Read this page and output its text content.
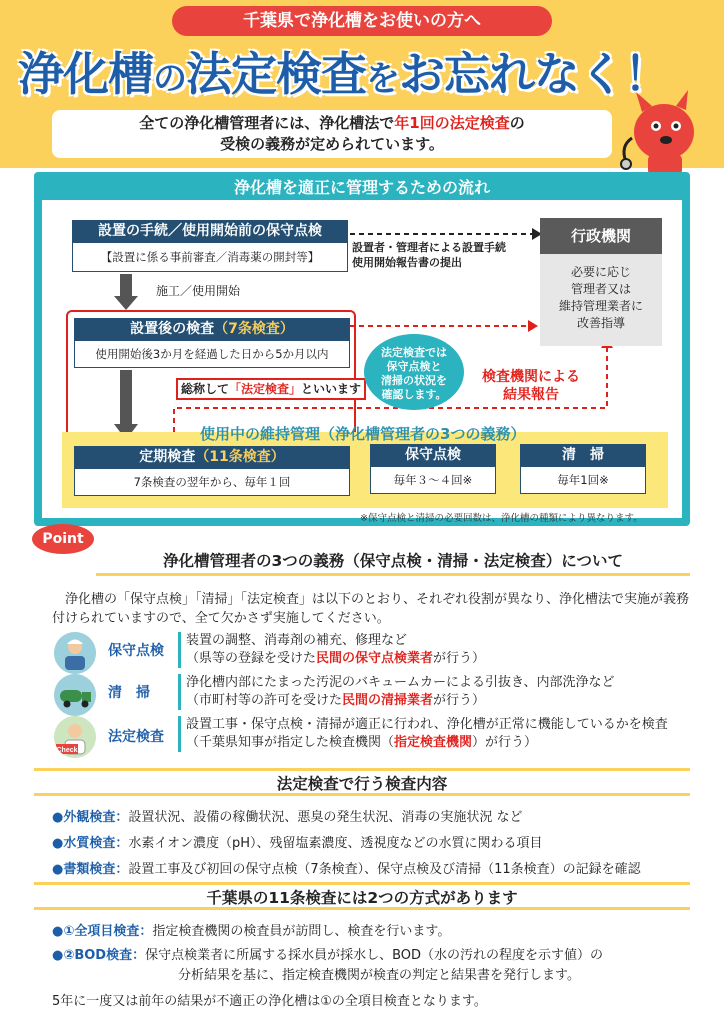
千葉県で浄化槽をお使いの方へ
浄化槽の法定検査をお忘れなく！
全ての浄化槽管理者には、浄化槽法で年1回の法定検査の
受検の義務が定められています。
浄化槽を適正に管理するための流れ
設置の手続／使用開始前の保守点検
【設置に係る事前審査／消毒薬の開封等】
設置者・管理者による設置手続
使用開始報告書の提出
施工／使用開始
行政機関
必要に応じ
管理者又は
維持管理業者に
改善指導
設置後の検査（7条検査）
使用開始後3か月を経過した日から5か月以内
総称して「法定検査」といいます
法定検査では
保守点検と
清掃の状況を
確認します。
検査機関による
結果報告
使用中の維持管理（浄化槽管理者の3つの義務）
定期検査（11条検査）
7条検査の翌年から、毎年１回
保守点検
毎年３～４回※
清　掃
毎年1回※
※保守点検と清掃の必要回数は、浄化槽の種類により異なります。
Point
浄化槽管理者の3つの義務（保守点検・清掃・法定検査）について
浄化槽の「保守点検」「清掃」「法定検査」は以下のとおり、それぞれ役割が異なり、浄化槽法で実施が義務付けられていますので、全て欠かさず実施してください。
Check
保守点検
清掃
法定検査
装置の調整、消毒剤の補充、修理など
（県等の登録を受けた民間の保守点検業者が行う）
浄化槽内部にたまった汚泥のバキュームカーによる引抜き、内部洗浄など
（市町村等の許可を受けた民間の清掃業者が行う）
設置工事・保守点検・清掃が適正に行われ、浄化槽が正常に機能しているかを検査
（千葉県知事が指定した検査機関（指定検査機関）が行う）
法定検査で行う検査内容
●外観検査：設置状況、設備の稼働状況、悪臭の発生状況、消毒の実施状況 など
●水質検査：水素イオン濃度（pH）、残留塩素濃度、透視度などの水質に関わる項目
●書類検査：設置工事及び初回の保守点検（7条検査）、保守点検及び清掃（11条検査）の記録を確認
千葉県の11条検査には2つの方式があります
●①全項目検査：指定検査機関の検査員が訪問し、検査を行います。
●②BOD検査：保守点検業者に所属する採水員が採水し、BOD（水の汚れの程度を示す値）の
分析結果を基に、指定検査機関が検査の判定と結果書を発行します。
5年に一度又は前年の結果が不適正の浄化槽は①の全項目検査となります。
